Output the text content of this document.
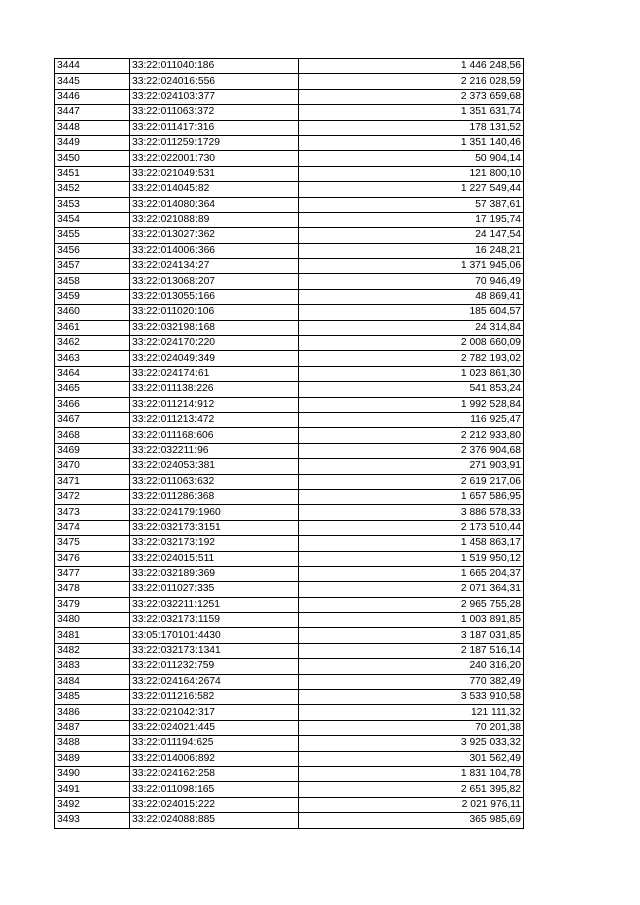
3444	33:22:011040:186	1 446 248,56
3445	33:22:024016:556	2 216 028,59
3446	33:22:024103:377	2 373 659,68
3447	33:22:011063:372	1 351 631,74
3448	33:22:011417:316	178 131,52
3449	33:22:011259:1729	1 351 140,46
3450	33:22:022001:730	50 904,14
3451	33:22:021049:531	121 800,10
3452	33:22:014045:82	1 227 549,44
3453	33:22:014080:364	57 387,61
3454	33:22:021088:89	17 195,74
3455	33:22:013027:362	24 147,54
3456	33:22:014006:366	16 248,21
3457	33:22:024134:27	1 371 945,06
3458	33:22:013068:207	70 946,49
3459	33:22:013055:166	48 869,41
3460	33:22:011020:106	185 604,57
3461	33:22:032198:168	24 314,84
3462	33:22:024170:220	2 008 660,09
3463	33:22:024049:349	2 782 193,02
3464	33:22:024174:61	1 023 861,30
3465	33:22:011138:226	541 853,24
3466	33:22:011214:912	1 992 528,84
3467	33:22:011213:472	116 925,47
3468	33:22:011168:606	2 212 933,80
3469	33:22:032211:96	2 376 904,68
3470	33:22:024053:381	271 903,91
3471	33:22:011063:632	2 619 217,06
3472	33:22:011286:368	1 657 586,95
3473	33:22:024179:1960	3 886 578,33
3474	33:22:032173:3151	2 173 510,44
3475	33:22:032173:192	1 458 863,17
3476	33:22:024015:511	1 519 950,12
3477	33:22:032189:369	1 665 204,37
3478	33:22:011027:335	2 071 364,31
3479	33:22:032211:1251	2 965 755,28
3480	33:22:032173:1159	1 003 891,85
3481	33:05:170101:4430	3 187 031,85
3482	33:22:032173:1341	2 187 516,14
3483	33:22:011232:759	240 316,20
3484	33:22:024164:2674	770 382,49
3485	33:22:011216:582	3 533 910,58
3486	33:22:021042:317	121 111,32
3487	33:22:024021:445	70 201,38
3488	33:22:011194:625	3 925 033,32
3489	33:22:014006:892	301 562,49
3490	33:22:024162:258	1 831 104,78
3491	33:22:011098:165	2 651 395,82
3492	33:22:024015:222	2 021 976,11
3493	33:22:024088:885	365 985,69
